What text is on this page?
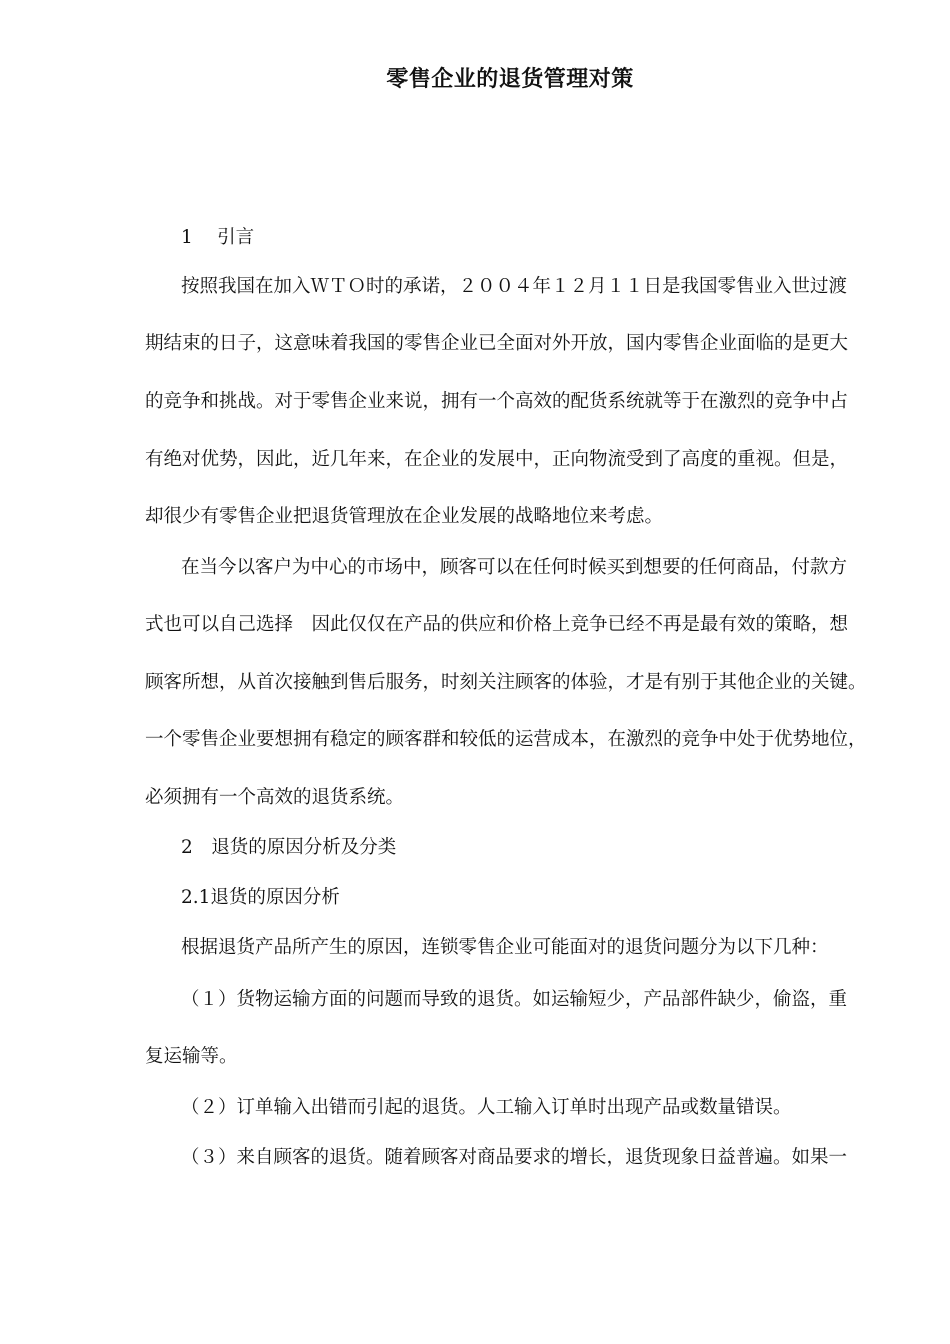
零售企业的退货管理对策
1　 引言
按照我国在加入ＷＴＯ时的承诺，２００４年１２月１１日是我国零售业入世过渡
期结束的日子，这意味着我国的零售企业已全面对外开放，国内零售企业面临的是更大
的竞争和挑战。对于零售企业来说，拥有一个高效的配货系统就等于在激烈的竞争中占
有绝对优势，因此，近几年来，在企业的发展中，正向物流受到了高度的重视。但是，
却很少有零售企业把退货管理放在企业发展的战略地位来考虑。
在当今以客户为中心的市场中，顾客可以在任何时候买到想要的任何商品，付款方
式也可以自己选择　因此仅仅在产品的供应和价格上竞争已经不再是最有效的策略，想
顾客所想，从首次接触到售后服务，时刻关注顾客的体验，才是有别于其他企业的关键。
一个零售企业要想拥有稳定的顾客群和较低的运营成本，在激烈的竞争中处于优势地位，
必须拥有一个高效的退货系统。
2　退货的原因分析及分类
2.1退货的原因分析
根据退货产品所产生的原因，连锁零售企业可能面对的退货问题分为以下几种：
（１）货物运输方面的问题而导致的退货。如运输短少，产品部件缺少，偷盗，重
复运输等。
（２）订单输入出错而引起的退货。人工输入订单时出现产品或数量错误。
（３）来自顾客的退货。随着顾客对商品要求的增长，退货现象日益普遍。如果一
